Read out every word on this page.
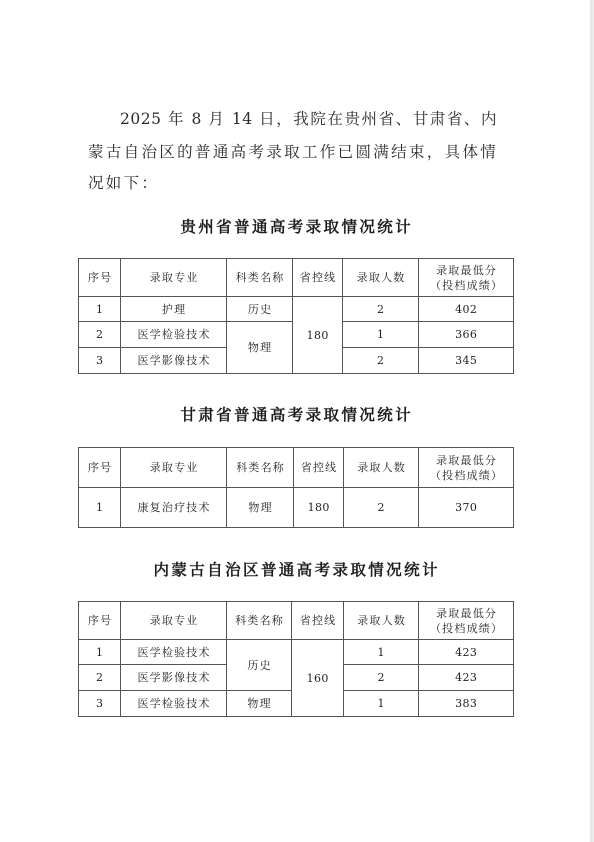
2025 年 8 月 14 日，我院在贵州省、甘肃省、内
蒙古自治区的普通高考录取工作已圆满结束，具体情
况如下：
贵州省普通高考录取情况统计
序号	录取专业	科类名称	省控线	录取人数	录取最低分
（投档成绩）

1	护理	历史	180	2	402
2	医学检验技术	物理		1	366
3	医学影像技术			2	345
甘肃省普通高考录取情况统计
序号	录取专业	科类名称	省控线	录取人数	录取最低分
（投档成绩）

1	康复治疗技术	物理	180	2	370
内蒙古自治区普通高考录取情况统计
序号	录取专业	科类名称	省控线	录取人数	录取最低分
（投档成绩）

1	医学检验技术	历史	160	1	423
2	医学影像技术			2	423
3	医学检验技术	物理		1	383
